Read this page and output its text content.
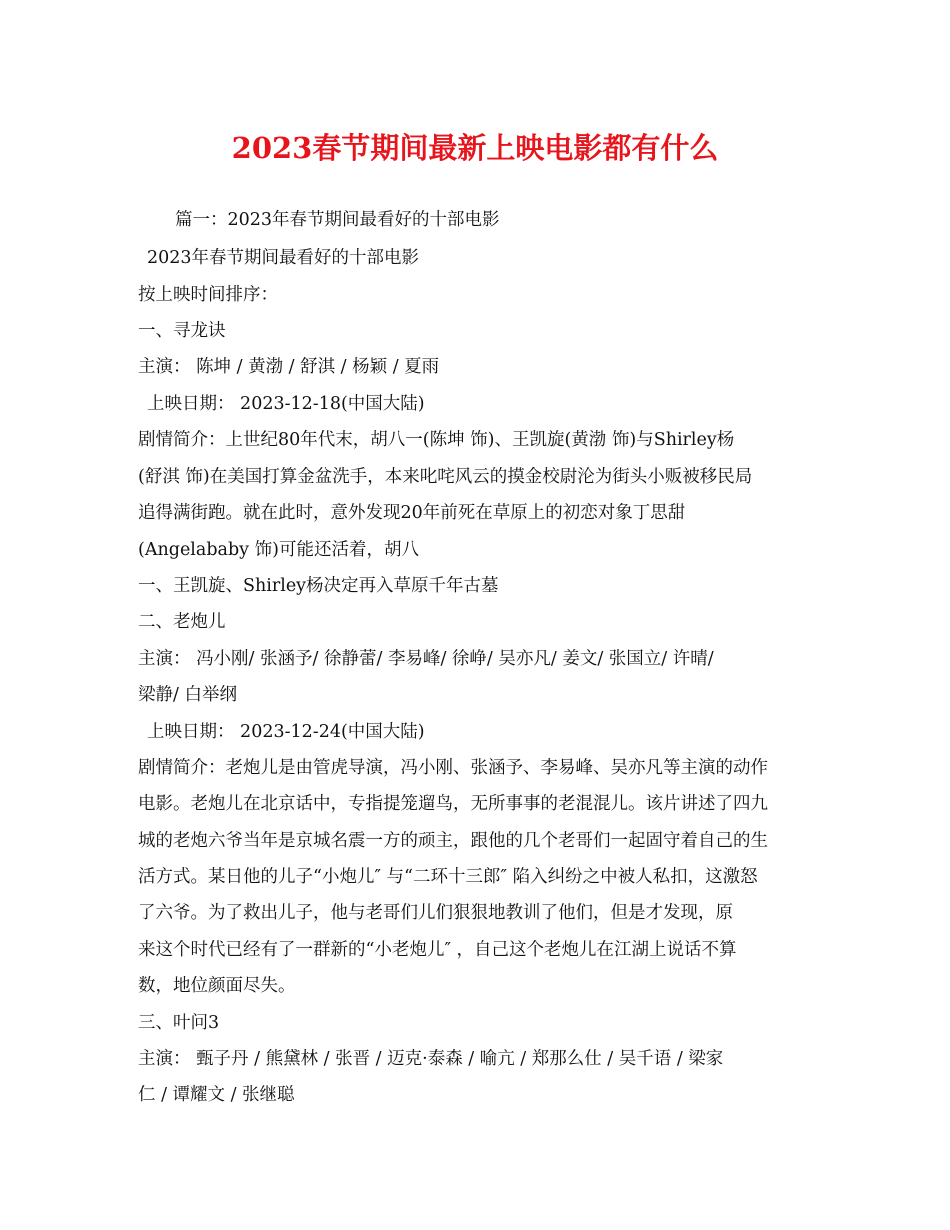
2023春节期间最新上映电影都有什么
篇一：2023年春节期间最看好的十部电影
2023年春节期间最看好的十部电影
按上映时间排序：
一、寻龙诀
主演： 陈坤 / 黄渤 / 舒淇 / 杨颖 / 夏雨
上映日期： 2023-12-18(中国大陆)
剧情简介：上世纪80年代末，胡八一(陈坤 饰)、王凯旋(黄渤 饰)与Shirley杨
(舒淇 饰)在美国打算金盆洗手，本来叱咤风云的摸金校尉沦为街头小贩被移民局
追得满街跑。就在此时，意外发现20年前死在草原上的初恋对象丁思甜
(Angelababy 饰)可能还活着，胡八
一、王凯旋、Shirley杨决定再入草原千年古墓
二、老炮儿
主演： 冯小刚/ 张涵予/ 徐静蕾/ 李易峰/ 徐峥/ 吴亦凡/ 姜文/ 张国立/ 许晴/
梁静/ 白举纲
上映日期： 2023-12-24(中国大陆)
剧情简介：老炮儿是由管虎导演，冯小刚、张涵予、李易峰、吴亦凡等主演的动作
电影。老炮儿在北京话中，专指提笼遛鸟，无所事事的老混混儿。该片讲述了四九
城的老炮六爷当年是京城名震一方的顽主，跟他的几个老哥们一起固守着自己的生
活方式。某日他的儿子“小炮儿″ 与“二环十三郎″ 陷入纠纷之中被人私扣，这激怒
了六爷。为了救出儿子，他与老哥们儿们狠狠地教训了他们，但是才发现，原
来这个时代已经有了一群新的“小老炮儿″ ，自己这个老炮儿在江湖上说话不算
数，地位颜面尽失。
三、叶问3
主演： 甄子丹 / 熊黛林 / 张晋 / 迈克·泰森 / 喻亢 / 郑那么仕 / 吴千语 / 梁家
仁 / 谭耀文 / 张继聪
